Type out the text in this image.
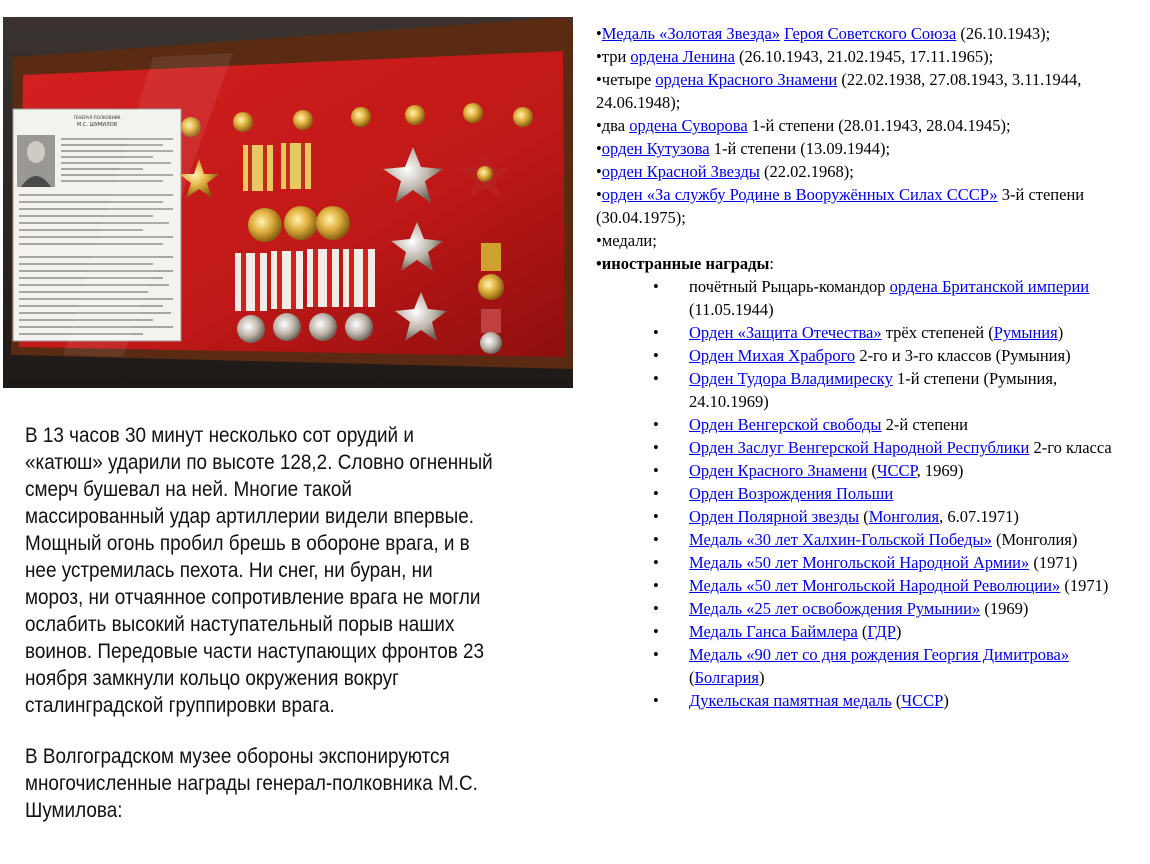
ГЕНЕРАЛ-ПОЛКОВНИК
М.С. ШУМИЛОВ

В 13 часов 30 минут несколько сот орудий и «катюш» ударили по высоте 128,2. Словно огненный смерч бушевал на ней. Многие такой массированный удар артиллерии видели впервые. Мощный огонь пробил брешь в обороне врага, и в нее устремилась пехота. Ни снег, ни буран, ни мороз, ни отчаянное сопротивление врага не могли ослабить высокий наступательный порыв наших воинов. Передовые части наступающих фронтов 23 ноября замкнули кольцо окружения вокруг сталинградской группировки врага.

В Волгоградском музее обороны экспонируются многочисленные награды генерал-полковника М.С. Шумилова:

•Медаль «Золотая Звезда» Героя Советского Союза (26.10.1943);

•три ордена Ленина (26.10.1943, 21.02.1945, 17.11.1965);

•четыре ордена Красного Знамени (22.02.1938, 27.08.1943, 3.11.1944, 24.06.1948);

•два ордена Суворова 1-й степени (28.01.1943, 28.04.1945);

•орден Кутузова 1-й степени (13.09.1944);

•орден Красной Звезды (22.02.1968);

•орден «За службу Родине в Вооружённых Силах СССР» 3-й степени (30.04.1975);

•медали;

•иностранные награды:

• почётный Рыцарь-командор ордена Британской империи (11.05.1944)
• Орден «Защита Отечества» трёх степеней (Румыния)
• Орден Михая Храброго 2-го и 3-го классов (Румыния)
• Орден Тудора Владимиреску 1-й степени (Румыния, 24.10.1969)
• Орден Венгерской свободы 2-й степени
• Орден Заслуг Венгерской Народной Республики 2-го класса
• Орден Красного Знамени (ЧССР, 1969)
• Орден Возрождения Польши
• Орден Полярной звезды (Монголия, 6.07.1971)
• Медаль «30 лет Халхин-Гольской Победы» (Монголия)
• Медаль «50 лет Монгольской Народной Армии» (1971)
• Медаль «50 лет Монгольской Народной Революции» (1971)
• Медаль «25 лет освобождения Румынии» (1969)
• Медаль Ганса Баймлера (ГДР)
• Медаль «90 лет со дня рождения Георгия Димитрова» (Болгария)
• Дукельская памятная медаль (ЧССР)
